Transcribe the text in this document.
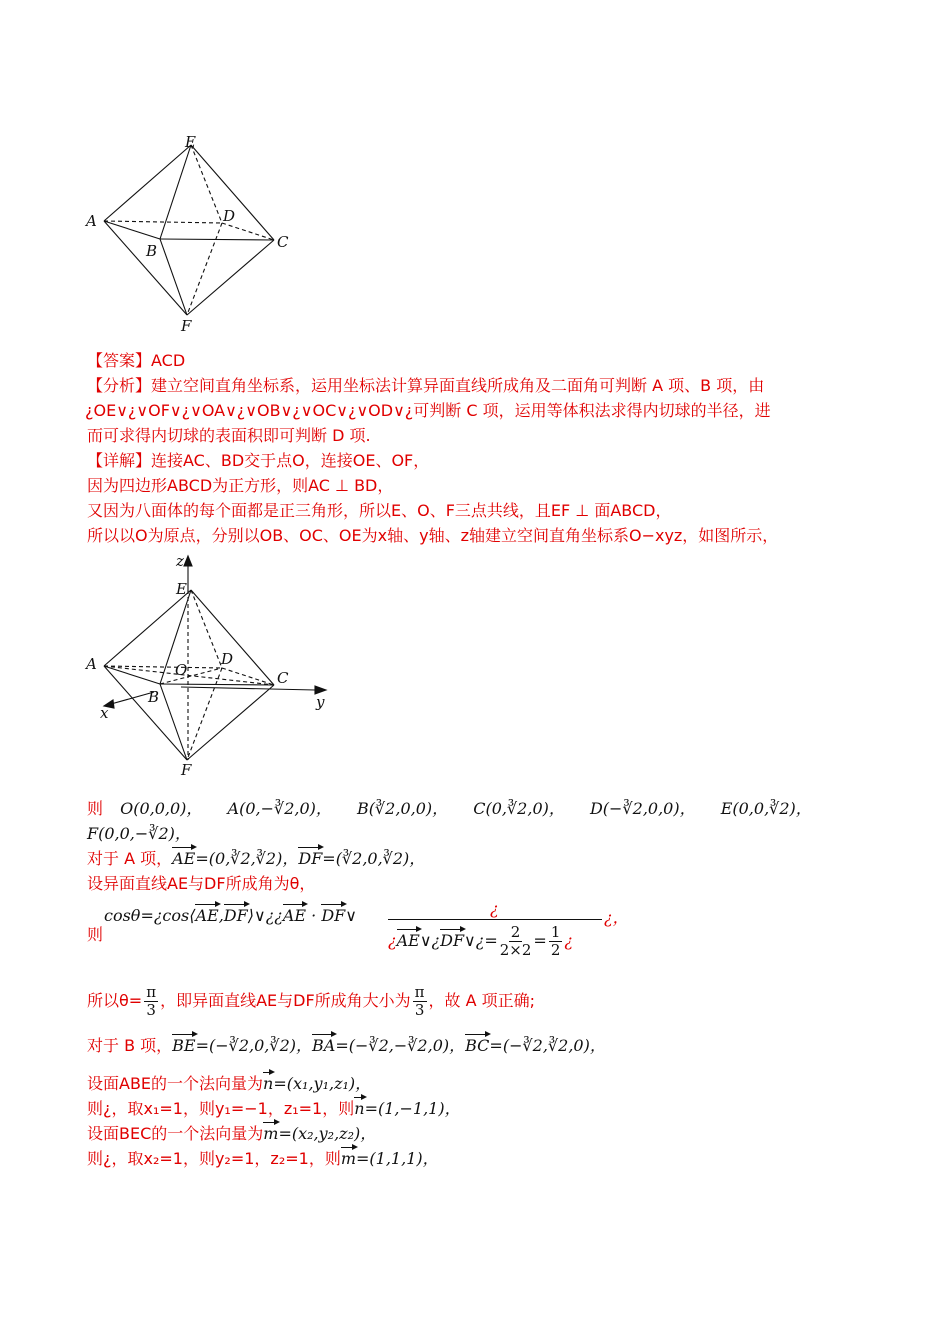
E
A	D
B	C
F
【答案】ACD
【分析】建立空间直角坐标系，运用坐标法计算异面直线所成角及二面角可判断 A 项、B 项，由
¿OE∨¿∨OF∨¿∨OA∨¿∨OB∨¿∨OC∨¿∨OD∨¿可判断 C 项，运用等体积法求得内切球的半径，进
而可求得内切球的表面积即可判断 D 项.
【详解】连接AC、BD交于点O，连接OE、OF，
因为四边形ABCD为正方形，则AC ⊥ BD，
又因为八面体的每个面都是正三角形，所以E、O、F三点共线，且EF ⊥ 面ABCD，
所以以O为原点，分别以OB、OC、OE为x轴、y轴、z轴建立空间直角坐标系O−xyz，如图所示，
z
E
A	O
D
C
B
x
y
F
则 O(0,0,0)， A(0,−∛2,0)， B(∛2,0,0)， C(0,∛2,0)， D(−∛2,0,0)， E(0,0,∛2)，
F(0,0,−∛2)，
对于 A 项，AE=(0,∛2,∛2)，DF=(∛2,0,∛2)，
设异面直线AE与DF所成角为θ，
则
cosθ=¿cos⟨AE,DF⟩∨¿¿AE · DF∨	¿
¿AE∨¿DF∨¿= $\frac{2}{2\times 2} = \frac{1}{2}$ ¿
¿，
所以$\theta= \frac{\pi}{3}$ ，即异面直线AE与DF所成角大小为 $\frac{\pi}{3}$ ，故 A 项正确;
对于 B 项，BE=(−∛2,0,∛2)，BA=(−∛2,−∛2,0)，BC=(−∛2,∛2,0)，
设面ABE的一个法向量为n=(x₁,y₁,z₁)，
则¿，取x₁=1，则y₁=−1，z₁=1，则n=(1,−1,1)，
设面BEC的一个法向量为m=(x₂,y₂,z₂)，
则¿，取x₂=1，则y₂=1，z₂=1，则m=(1,1,1)，
